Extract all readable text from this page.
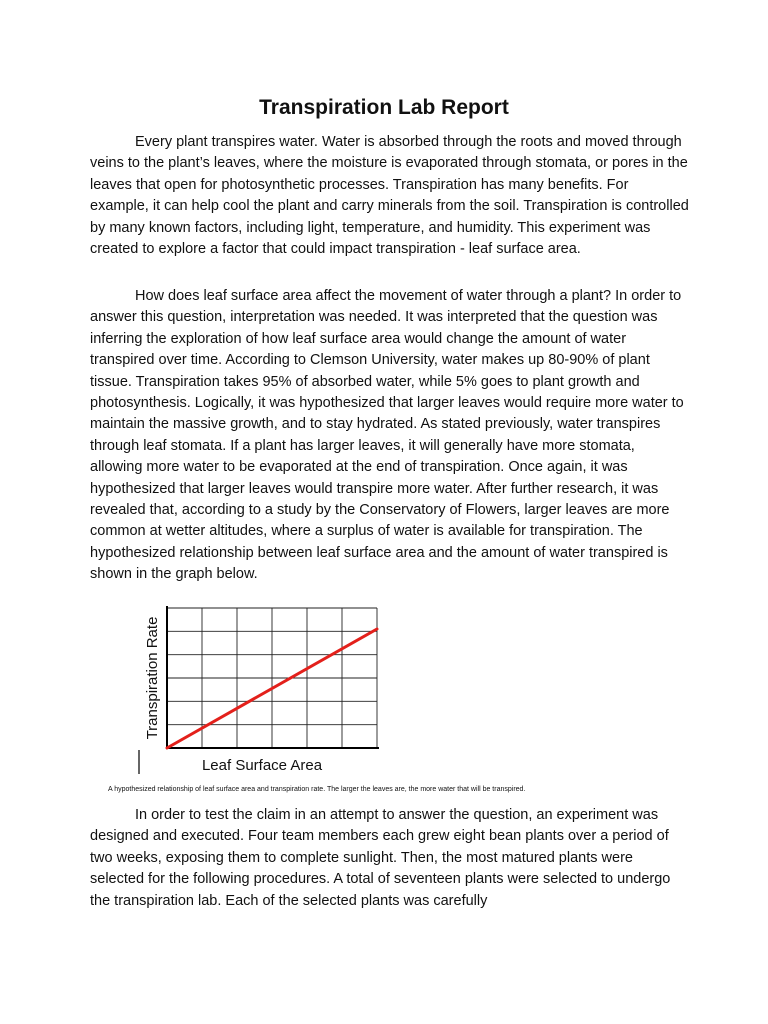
Transpiration Lab Report

Every plant transpires water. Water is absorbed through the roots and moved through veins to the plant’s leaves, where the moisture is evaporated through stomata, or pores in the leaves that open for photosynthetic processes. Transpiration has many benefits. For example, it can help cool the plant and carry minerals from the soil. Transpiration is controlled by many known factors, including light, temperature, and humidity. This experiment was created to explore a factor that could impact transpiration - leaf surface area.

How does leaf surface area affect the movement of water through a plant? In order to answer this question, interpretation was needed. It was interpreted that the question was inferring the exploration of how leaf surface area would change the amount of water transpired over time. According to Clemson University, water makes up 80-90% of plant tissue. Transpiration takes 95% of absorbed water, while 5% goes to plant growth and photosynthesis. Logically, it was hypothesized that larger leaves would require more water to maintain the massive growth, and to stay hydrated. As stated previously, water transpires through leaf stomata. If a plant has larger leaves, it will generally have more stomata, allowing more water to be evaporated at the end of transpiration. Once again, it was hypothesized that larger leaves would transpire more water. After further research, it was revealed that, according to a study by the Conservatory of Flowers, larger leaves are more common at wetter altitudes, where a surplus of water is available for transpiration. The hypothesized relationship between leaf surface area and the amount of water transpired is shown in the graph below.

Transpiration Rate
Leaf Surface Area

A hypothesized relationship of leaf surface area and transpiration rate. The larger the leaves are, the more water that will be transpired.

In order to test the claim in an attempt to answer the question, an experiment was designed and executed. Four team members each grew eight bean plants over a period of two weeks, exposing them to complete sunlight. Then, the most matured plants were selected for the following procedures. A total of seventeen plants were selected to undergo the transpiration lab. Each of the selected plants was carefully
